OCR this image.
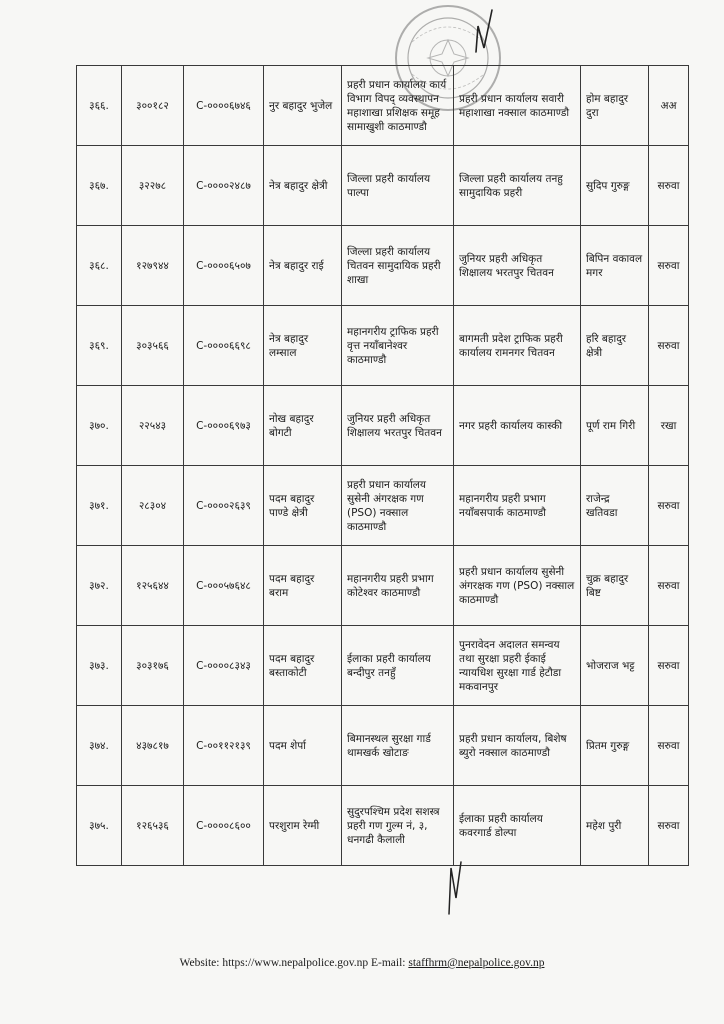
३६६.	३००१८२	C-००००६७४६	नुर बहादुर भुजेल	प्रहरी प्रधान कार्यालय कार्य विभाग विपद् व्यवस्थापन महाशाखा प्रशिक्षक समूह सामाखुशी काठमाण्डौ	प्रहरी प्रधान कार्यालय सवारी महाशाखा नक्साल काठमाण्डौ	होम बहादुर दुरा	अअ
३६७.	३२२७८	C-००००२४८७	नेत्र बहादुर क्षेत्री	जिल्ला प्रहरी कार्यालय पाल्पा	जिल्ला प्रहरी कार्यालय तनहु सामुदायिक प्रहरी	सुदिप गुरुङ्ग	सरुवा
३६८.	१२७९४४	C-००००६५०७	नेत्र बहादुर राई	जिल्ला प्रहरी कार्यालय चितवन सामुदायिक प्रहरी शाखा	जुनियर प्रहरी अधिकृत शिक्षालय भरतपुर चितवन	बिपिन वकावल मगर	सरुवा
३६९.	३०३५६६	C-००००६६९८	नेत्र बहादुर लम्साल	महानगरीय ट्राफिक प्रहरी वृत्त नयाँबानेश्वर काठमाण्डौ	बागमती प्रदेश ट्राफिक प्रहरी कार्यालय रामनगर चितवन	हरि बहादुर क्षेत्री	सरुवा
३७०.	२२५४३	C-००००६९७३	नोख बहादुर बोगटी	जुनियर प्रहरी अधिकृत शिक्षालय भरतपुर चितवन	नगर प्रहरी कार्यालय कास्की	पूर्ण राम गिरी	रखा
३७१.	२८३०४	C-००००२६३९	पदम बहादुर पाण्डे क्षेत्री	प्रहरी प्रधान कार्यालय सुसेनी अंगरक्षक गण (PSO) नक्साल काठमाण्डौ	महानगरीय प्रहरी प्रभाग नयाँबसपार्क काठमाण्डौ	राजेन्द्र खतिवडा	सरुवा
३७२.	१२५६४४	C-०००५७६४८	पदम बहादुर बराम	महानगरीय प्रहरी प्रभाग कोटेश्वर काठमाण्डौ	प्रहरी प्रधान कार्यालय सुसेनी अंगरक्षक गण (PSO) नक्साल काठमाण्डौ	चुक्र बहादुर बिष्ट	सरुवा
३७३.	३०३१७६	C-००००८३४३	पदम बहादुर बस्ताकोटी	ईलाका प्रहरी कार्यालय बन्दीपुर तनहुँ	पुनरावेदन अदालत समन्वय तथा सुरक्षा प्रहरी ईकाई न्यायधिश सुरक्षा गार्ड हेटौडा मकवानपुर	भोजराज भट्ट	सरुवा
३७४.	४३७८१७	C-००११२१३९	पदम शेर्पा	बिमानस्थल सुरक्षा गार्ड थामखर्क खोटाङ	प्रहरी प्रधान कार्यालय, बिशेष ब्युरो नक्साल काठमाण्डौ	प्रितम गुरुङ्ग	सरुवा
३७५.	१२६५३६	C-००००८६००	परशुराम रेग्मी	सुदुरपश्चिम प्रदेश सशस्त्र प्रहरी गण गुल्म नं, ३, धनगढी कैलाली	ईलाका प्रहरी कार्यालय कवरगार्ड डोल्पा	महेश पुरी	सरुवा
Website: https://www.nepalpolice.gov.np E-mail: staffhrm@nepalpolice.gov.np
